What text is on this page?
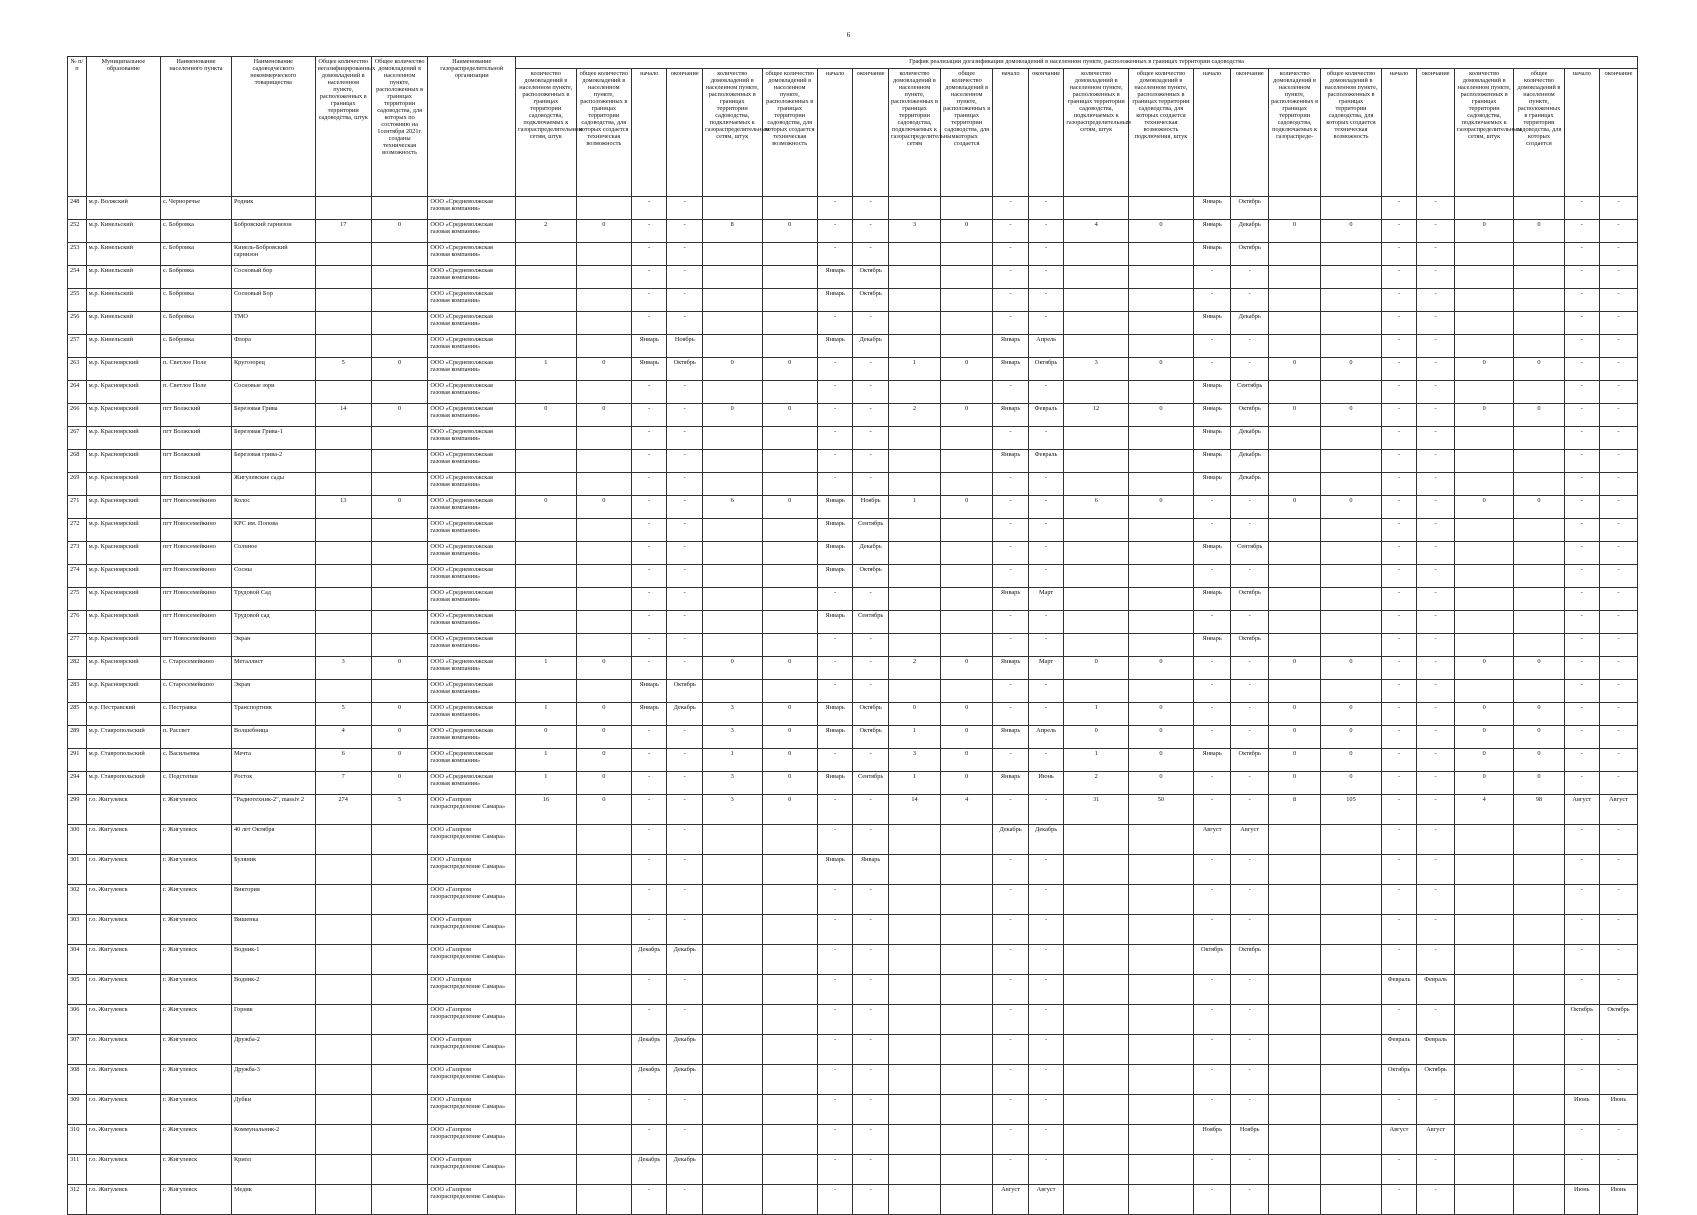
6
№ п/п	Муниципальное образование	Наименование населенного пункта	Наименование садоводческого некоммерческого товарищества	Общее количество негазифицированных домовладений в населенном пункте, расположенных в границах территории садоводства, штук	Общее количество домовладений в населенном пункте, расположенных в границах территории садоводства, для которых по состоянию на 1сентября 2021г. созданы техническая возможность	Наименование газораспределительной организации	График реализации догазификации домовладений в населенном пункте, расположенных в границах территории садоводства																							
							количество домовладений в населенном пункте, расположенных в границах территории садоводства, подключаемых к газораспределительным сетям, штук	общее количество домовладений в населенном пункте, расположенных в границах территории садоводства, для которых создается техническая возможность	начало	окончание	количество домовладений в населенном пункте, расположенных в границах территории садоводства, подключаемых к газораспределительным сетям, штук	общее количество домовладений в населенном пункте, расположенных в границах территории садоводства, для которых создается техническая возможность	начало	окончание	количество домовладений в населенном пункте, расположенных в границах территории садоводства, подключаемых к газораспределительным сетям	общее количество домовладений в населенном пункте, расположенных в границах территории садоводства, для которых создается	начало	окончание	количество домовладений в населенном пункте, расположенных в границах территории садоводства, подключаемых к газораспределительным сетям, штук	общее количество домовладений в населенном пункте, расположенных в границах территории садоводства, для которых создается техническая возможность подключения, штук	начало	окончание	количество домовладений в населенном пункте, расположенных в границах территории садоводства, подключаемых к газораспреде-	общее количество домовладений в населенном пункте, расположенных в границах территории садоводства, для которых создается техническая возможность	начало	окончание	количество домовладений в населенном пункте, расположенных в границах территории садоводства, подключаемых к газораспределительным сетям, штук	общее количество домовладений в населенном пункте, расположенных в границах территории садоводства, для которых создается	начало	окончание
248	м.р. Волжский	с. Черноречье	Родник			ООО «Средневолжская газовая компания»			-	-			-	-			-	-			Январь	Октябрь			-	-			-	-
252	м.р. Кинельский	с. Бобровка	Бобровский гарнизон	17	0	ООО «Средневолжская газовая компания»	2	0	-	-	8	0	-	-	3	0	-	-	4	0	Январь	Декабрь	0	0	-	-	0	0	-	-
253	м.р. Кинельский	с. Бобровка	Кинель-Бобровский гарнизон			ООО «Средневолжская газовая компания»			-	-			-	-			-	-			Январь	Октябрь			-	-			-	-
254	м.р. Кинельский	с. Бобровка	Сосновый бор			ООО «Средневолжская газовая компания»			-	-			Январь	Октябрь			-	-			-	-			-	-			-	-
255	м.р. Кинельский	с. Бобровка	Сосновый Бор			ООО «Средневолжская газовая компания»			-	-			Январь	Октябрь			-	-			-	-			-	-			-	-
256	м.р. Кинельский	с. Бобровка	ТМО			ООО «Средневолжская газовая компания»			-	-			-	-			-	-			Январь	Декабрь			-	-			-	-
257	м.р. Кинельский	с. Бобровка	Флора			ООО «Средневолжская газовая компания»			Январь	Ноябрь			Январь	Декабрь			Январь	Апрель			-	-			-	-			-	-
263	м.р. Красноярский	п. Светлое Поле	Кругозорец	5	0	ООО «Средневолжская газовая компания»	1	0	Январь	Октябрь	0	0	-	-	1	0	Январь	Октябрь	3	0	-	-	0	0	-	-	0	0	-	-
264	м.р. Красноярский	п. Светлое Поле	Сосновые зори			ООО «Средневолжская газовая компания»			-	-			-	-			-	-			Январь	Сентябрь			-	-			-	-
266	м.р. Красноярский	пгт Волжский	Березовая Грива	14	0	ООО «Средневолжская газовая компания»	0	0	-	-	0	0	-	-	2	0	Январь	Февраль	12	0	Январь	Октябрь	0	0	-	-	0	0	-	-
267	м.р. Красноярский	пгт Волжский	Березовая Грива-1			ООО «Средневолжская газовая компания»			-	-			-	-			-	-			Январь	Декабрь			-	-			-	-
268	м.р. Красноярский	пгт Волжский	Березовая грива-2			ООО «Средневолжская газовая компания»			-	-			-	-			Январь	Февраль			Январь	Декабрь			-	-			-	-
269	м.р. Красноярский	пгт Волжский	Жигулевские сады			ООО «Средневолжская газовая компания»			-	-			-	-			-	-			Январь	Декабрь			-	-			-	-
271	м.р. Красноярский	пгт Новосемейкино	Колос	13	0	ООО «Средневолжская газовая компания»	0	0	-	-	6	0	Январь	Ноябрь	1	0	-	-	6	0	-	-	0	0	-	-	0	0	-	-
272	м.р. Красноярский	пгт Новосемейкино	КРС им. Попова			ООО «Средневолжская газовая компания»			-	-			Январь	Сентябрь			-	-			-	-			-	-			-	-
273	м.р. Красноярский	пгт Новосемейкино	Солнное			ООО «Средневолжская газовая компания»			-	-			Январь	Декабрь			-	-			Январь	Сентябрь			-	-			-	-
274	м.р. Красноярский	пгт Новосемейкино	Сосны			ООО «Средневолжская газовая компания»			-	-			Январь	Октябрь			-	-			-	-			-	-			-	-
275	м.р. Красноярский	пгт Новосемейкино	Трудовой Сад			ООО «Средневолжская газовая компания»			-	-			-	-			Январь	Март			Январь	Октябрь			-	-			-	-
276	м.р. Красноярский	пгт Новосемейкино	Трудовой сад			ООО «Средневолжская газовая компания»			-	-			Январь	Сентябрь			-	-			-	-			-	-			-	-
277	м.р. Красноярский	пгт Новосемейкино	Экран			ООО «Средневолжская газовая компания»			-	-			-	-			-	-			Январь	Октябрь			-	-			-	-
282	м.р. Красноярский	с. Старосемейкино	Металлист	3	0	ООО «Средневолжская газовая компания»	1	0	-	-	0	0	-	-	2	0	Январь	Март	0	0	-	-	0	0	-	-	0	0	-	-
283	м.р. Красноярский	с. Старосемейкино	Экран			ООО «Средневолжская газовая компания»			Январь	Октябрь			-	-			-	-			-	-			-	-			-	-
285	м.р. Пестравский	с. Пестравка	Транспортник	5	0	ООО «Средневолжская газовая компания»	1	0	Январь	Декабрь	3	0	Январь	Октябрь	0	0	-	-	1	0	-	-	0	0	-	-	0	0	-	-
289	м.р. Ставропольский	п. Рассвет	Волшебница	4	0	ООО «Средневолжская газовая компания»	0	0	-	-	3	0	Январь	Октябрь	1	0	Январь	Апрель	0	0	-	-	0	0	-	-	0	0	-	-
291	м.р. Ставропольский	с. Васильевка	Мечта	6	0	ООО «Средневолжская газовая компания»	1	0	-	-	1	0	-	-	3	0	-	-	1	0	Январь	Октябрь	0	0	-	-	0	0	-	-
294	м.р. Ставропольский	с. Подстепки	Росток	7	0	ООО «Средневолжская газовая компания»	1	0	-	-	3	0	Январь	Сентябрь	1	0	Январь	Июнь	2	0	-	-	0	0	-	-	0	0	-	-
299	г.о. Жигулевск	г. Жигулевск	"Радиотехник-2", massiv 2	274	5	ООО «Газпром газораспределение Самара»	16	0	-	-	3	0	-	-	14	4	-	-	31	50	-	-	8	105	-	-	4	98	Август	Август
300	г.о. Жигулевск	г. Жигулевск	40 лет Октября			ООО «Газпром газораспределение Самара»			-	-			-	-			Декабрь	Декабрь			Август	Август			-	-			-	-
301	г.о. Жигулевск	г. Жигулевск	Буляник			ООО «Газпром газораспределение Самара»			-	-			Январь	Январь			-	-			-	-			-	-			-	-
302	г.о. Жигулевск	г. Жигулевск	Виктория			ООО «Газпром газораспределение Самара»			-	-			-	-			-	-			-	-			-	-			-	-
303	г.о. Жигулевск	г. Жигулевск	Вишенка			ООО «Газпром газораспределение Самара»			-	-			-	-			-	-			-	-			-	-			-	-
304	г.о. Жигулевск	г. Жигулевск	Водник-1			ООО «Газпром газораспределение Самара»			Декабрь	Декабрь			-	-			-	-			Октябрь	Октябрь			-	-			-	-
305	г.о. Жигулевск	г. Жигулевск	Водник-2			ООО «Газпром газораспределение Самара»			-	-			-	-			-	-			-	-			Февраль	Февраль			-	-
306	г.о. Жигулевск	г. Жигулевск	Горняк			ООО «Газпром газораспределение Самара»			-	-			-	-			-	-			-	-			-	-			Октябрь	Октябрь
307	г.о. Жигулевск	г. Жигулевск	Дружба-2			ООО «Газпром газораспределение Самара»			Декабрь	Декабрь			-	-			-	-			-	-			Февраль	Февраль			-	-
308	г.о. Жигулевск	г. Жигулевск	Дружба-3			ООО «Газпром газораспределение Самара»			Декабрь	Декабрь			-	-			-	-			-	-			Октябрь	Октябрь			-	-
309	г.о. Жигулевск	г. Жигулевск	Дубки			ООО «Газпром газораспределение Самара»			-	-			-	-			-	-			-	-			-	-			Июнь	Июнь
310	г.о. Жигулевск	г. Жигулевск	Коммунальник-2			ООО «Газпром газораспределение Самара»			-	-			-	-			-	-			Ноябрь	Ноябрь			Август	Август			-	-
311	г.о. Жигулевск	г. Жигулевск	Криол			ООО «Газпром газораспределение Самара»			Декабрь	Декабрь			-	-			-	-			-	-			-	-			-	-
312	г.о. Жигулевск	г. Жигулевск	Медик			ООО «Газпром газораспределение Самара»			-	-			-	-			Август	Август			-	-			-	-			Июнь	Июнь
